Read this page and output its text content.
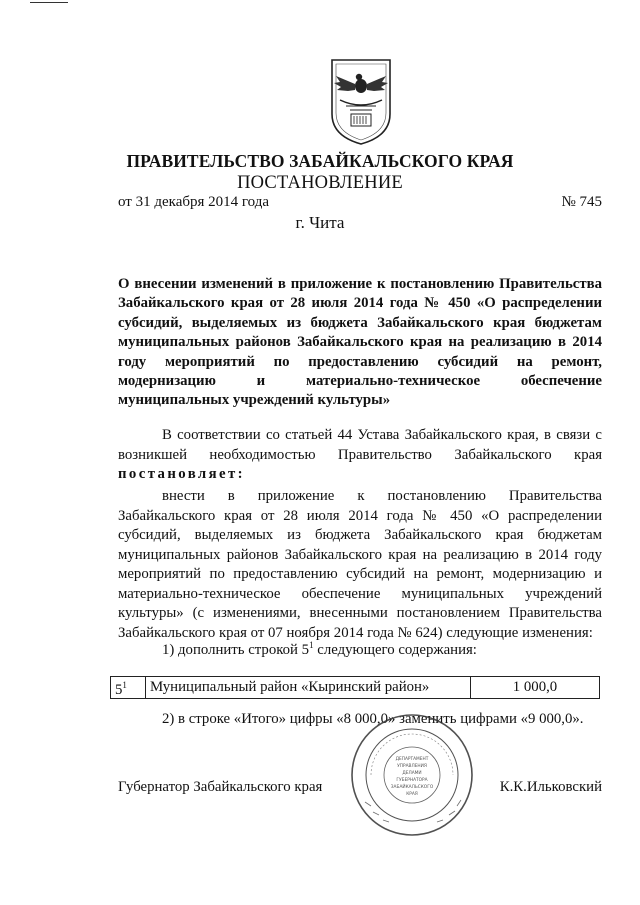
ПРАВИТЕЛЬСТВО ЗАБАЙКАЛЬСКОГО КРАЯ
ПОСТАНОВЛЕНИЕ
от 31 декабря 2014 года	№ 745
г. Чита
О внесении изменений в приложение к постановлению Правительства Забайкальского края от 28 июля 2014 года № 450 «О распределении субсидий, выделяемых из бюджета Забайкальского края бюджетам муниципальных районов Забайкальского края на реализацию в 2014 году мероприятий по предоставлению субсидий на ремонт, модернизацию и материально-техническое обеспечение муниципальных учреждений культуры»
В соответствии со статьей 44 Устава Забайкальского края, в связи с возникшей необходимостью Правительство Забайкальского края постановляет:
внести в приложение к постановлению Правительства Забайкальского края от 28 июля 2014 года № 450 «О распределении субсидий, выделяемых из бюджета Забайкальского края бюджетам муниципальных районов Забайкальского края на реализацию в 2014 году мероприятий по предоставлению субсидий на ремонт, модернизацию и материально-техническое обеспечение муниципальных учреждений культуры» (с изменениями, внесенными постановлением Правительства Забайкальского края от 07 ноября 2014 года № 624) следующие изменения:
1) дополнить строкой $5^1$ следующего содержания:
$5^1$	Муниципальный район «Кыринский район»	1 000,0
2) в строке «Итого» цифры «8 000,0» заменить цифрами «9 000,0».
Губернатор Забайкальского края	К.К.Ильковский
ДЕПАРТАМЕНТ
УПРАВЛЕНИЯ
ДЕЛАМИ
ГУБЕРНАТОРА
ЗАБАЙКАЛЬСКОГО
КРАЯ
